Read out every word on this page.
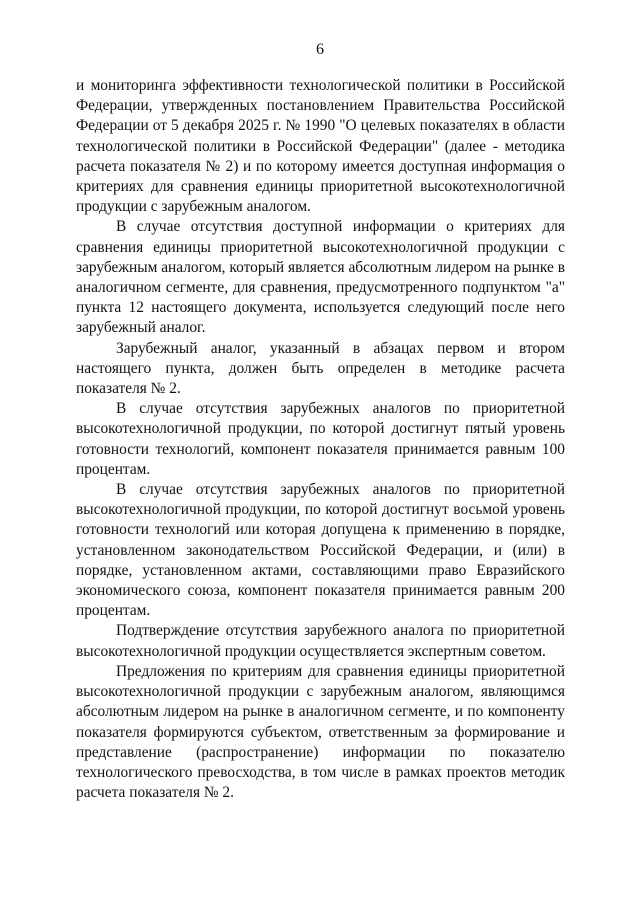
6

и мониторинга эффективности технологической политики в Российской Федерации, утвержденных постановлением Правительства Российской Федерации от 5 декабря 2025 г. № 1990 "О целевых показателях в области технологической политики в Российской Федерации" (далее - методика расчета показателя № 2) и по которому имеется доступная информация о критериях для сравнения единицы приоритетной высокотехнологичной продукции с зарубежным аналогом.

В случае отсутствия доступной информации о критериях для сравнения единицы приоритетной высокотехнологичной продукции с зарубежным аналогом, который является абсолютным лидером на рынке в аналогичном сегменте, для сравнения, предусмотренного подпунктом "а" пункта 12 настоящего документа, используется следующий после него зарубежный аналог.

Зарубежный аналог, указанный в абзацах первом и втором настоящего пункта, должен быть определен в методике расчета показателя № 2.

В случае отсутствия зарубежных аналогов по приоритетной высокотехнологичной продукции, по которой достигнут пятый уровень готовности технологий, компонент показателя принимается равным 100 процентам.

В случае отсутствия зарубежных аналогов по приоритетной высокотехнологичной продукции, по которой достигнут восьмой уровень готовности технологий или которая допущена к применению в порядке, установленном законодательством Российской Федерации, и (или) в порядке, установленном актами, составляющими право Евразийского экономического союза, компонент показателя принимается равным 200 процентам.

Подтверждение отсутствия зарубежного аналога по приоритетной высокотехнологичной продукции осуществляется экспертным советом.

Предложения по критериям для сравнения единицы приоритетной высокотехнологичной продукции с зарубежным аналогом, являющимся абсолютным лидером на рынке в аналогичном сегменте, и по компоненту показателя формируются субъектом, ответственным за формирование и представление (распространение) информации по показателю технологического превосходства, в том числе в рамках проектов методик расчета показателя № 2.
